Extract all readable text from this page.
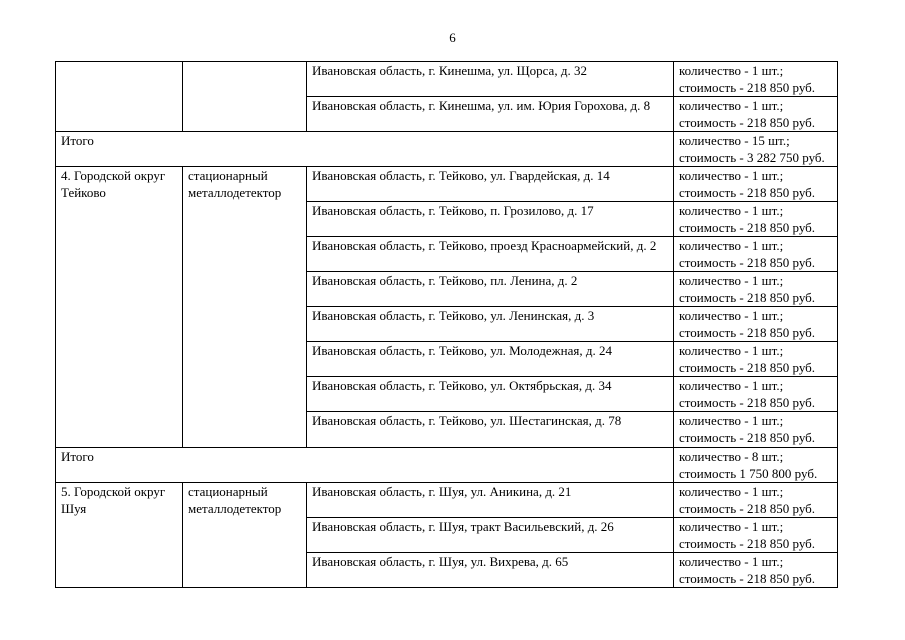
6

		Ивановская область, г. Кинешма, ул. Щорса, д. 32	количество - 1 шт.;
стоимость - 218 850 руб.

		Ивановская область, г. Кинешма, ул. им. Юрия Горохова, д. 8	количество - 1 шт.;
стоимость - 218 850 руб.

Итого			количество - 15 шт.;
стоимость - 3 282 750 руб.

4. Городской округ Тейково	стационарный металлодетектор	Ивановская область, г. Тейково, ул. Гвардейская, д. 14	количество - 1 шт.;
стоимость - 218 850 руб.

		Ивановская область, г. Тейково, п. Грозилово, д. 17	количество - 1 шт.;
стоимость - 218 850 руб.

		Ивановская область, г. Тейково, проезд Красноармейский, д. 2	количество - 1 шт.;
стоимость - 218 850 руб.

		Ивановская область, г. Тейково, пл. Ленина, д. 2	количество - 1 шт.;
стоимость - 218 850 руб.

		Ивановская область, г. Тейково, ул. Ленинская, д. 3	количество - 1 шт.;
стоимость - 218 850 руб.

		Ивановская область, г. Тейково, ул. Молодежная, д. 24	количество - 1 шт.;
стоимость - 218 850 руб.

		Ивановская область, г. Тейково, ул. Октябрьская, д. 34	количество - 1 шт.;
стоимость - 218 850 руб.

		Ивановская область, г. Тейково, ул. Шестагинская, д. 78	количество - 1 шт.;
стоимость - 218 850 руб.

Итого			количество - 8 шт.;
стоимость 1 750 800 руб.

5. Городской округ Шуя	стационарный металлодетектор	Ивановская область, г. Шуя, ул. Аникина, д. 21	количество - 1 шт.;
стоимость - 218 850 руб.

		Ивановская область, г. Шуя, тракт Васильевский, д. 26	количество - 1 шт.;
стоимость - 218 850 руб.

		Ивановская область, г. Шуя, ул. Вихрева, д. 65	количество - 1 шт.;
стоимость - 218 850 руб.
